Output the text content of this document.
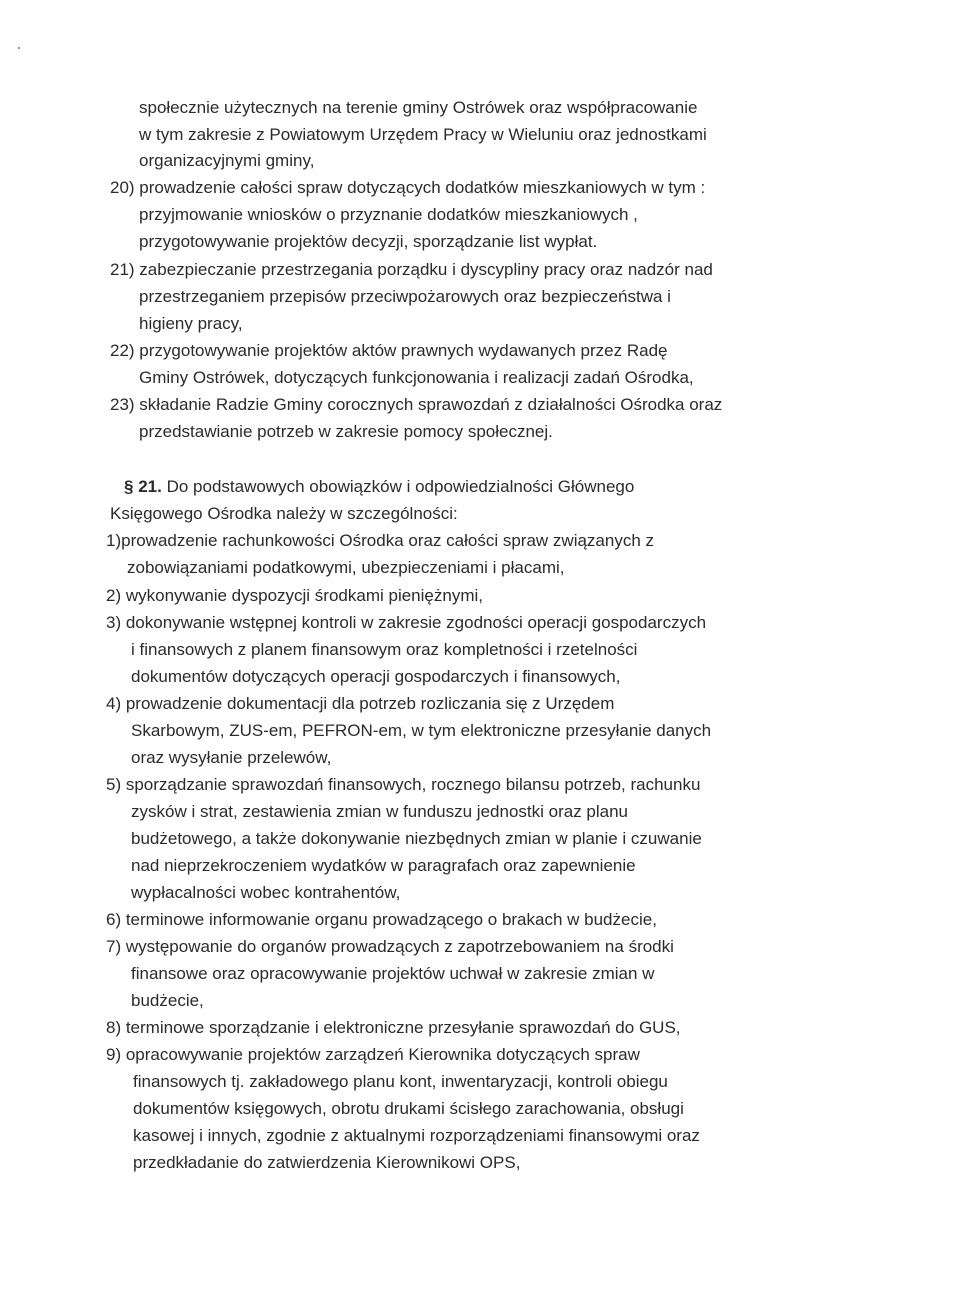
społecznie użytecznych na terenie gminy Ostrówek oraz współpracowanie
w tym zakresie z Powiatowym Urzędem Pracy w Wieluniu oraz jednostkami
organizacyjnymi gminy,
20) prowadzenie całości spraw dotyczących dodatków mieszkaniowych w tym :
przyjmowanie wniosków o przyznanie dodatków mieszkaniowych ,
przygotowywanie projektów decyzji, sporządzanie list wypłat.
21) zabezpieczanie przestrzegania porządku i dyscypliny pracy oraz nadzór nad
przestrzeganiem przepisów przeciwpożarowych oraz bezpieczeństwa i
higieny pracy,
22) przygotowywanie projektów aktów prawnych wydawanych przez Radę
Gminy Ostrówek, dotyczących funkcjonowania i realizacji zadań Ośrodka,
23) składanie Radzie Gminy corocznych sprawozdań z działalności Ośrodka oraz
przedstawianie potrzeb w zakresie pomocy społecznej.
§ 21. Do podstawowych obowiązków i odpowiedzialności Głównego
Księgowego Ośrodka należy w szczególności:
1)prowadzenie rachunkowości Ośrodka oraz całości spraw związanych z
zobowiązaniami podatkowymi, ubezpieczeniami i płacami,
2) wykonywanie dyspozycji środkami pieniężnymi,
3) dokonywanie wstępnej kontroli w zakresie zgodności operacji gospodarczych
i finansowych z planem finansowym oraz kompletności i rzetelności
dokumentów dotyczących operacji gospodarczych i finansowych,
4) prowadzenie dokumentacji dla potrzeb rozliczania się z Urzędem
Skarbowym, ZUS-em, PEFRON-em, w tym elektroniczne przesyłanie danych
oraz wysyłanie przelewów,
5) sporządzanie sprawozdań finansowych, rocznego bilansu potrzeb, rachunku
zysków i strat, zestawienia zmian w funduszu jednostki oraz planu
budżetowego, a także dokonywanie niezbędnych zmian w planie i czuwanie
nad nieprzekroczeniem wydatków w paragrafach oraz zapewnienie
wypłacalności wobec kontrahentów,
6) terminowe informowanie organu prowadzącego o brakach w budżecie,
7) występowanie do organów prowadzących z zapotrzebowaniem na środki
finansowe oraz opracowywanie projektów uchwał w zakresie zmian w
budżecie,
8) terminowe sporządzanie i elektroniczne przesyłanie sprawozdań do GUS,
9) opracowywanie projektów zarządzeń Kierownika dotyczących spraw
finansowych tj. zakładowego planu kont, inwentaryzacji, kontroli obiegu
dokumentów księgowych, obrotu drukami ścisłego zarachowania, obsługi
kasowej i innych, zgodnie z aktualnymi rozporządzeniami finansowymi oraz
przedkładanie do zatwierdzenia Kierownikowi OPS,
